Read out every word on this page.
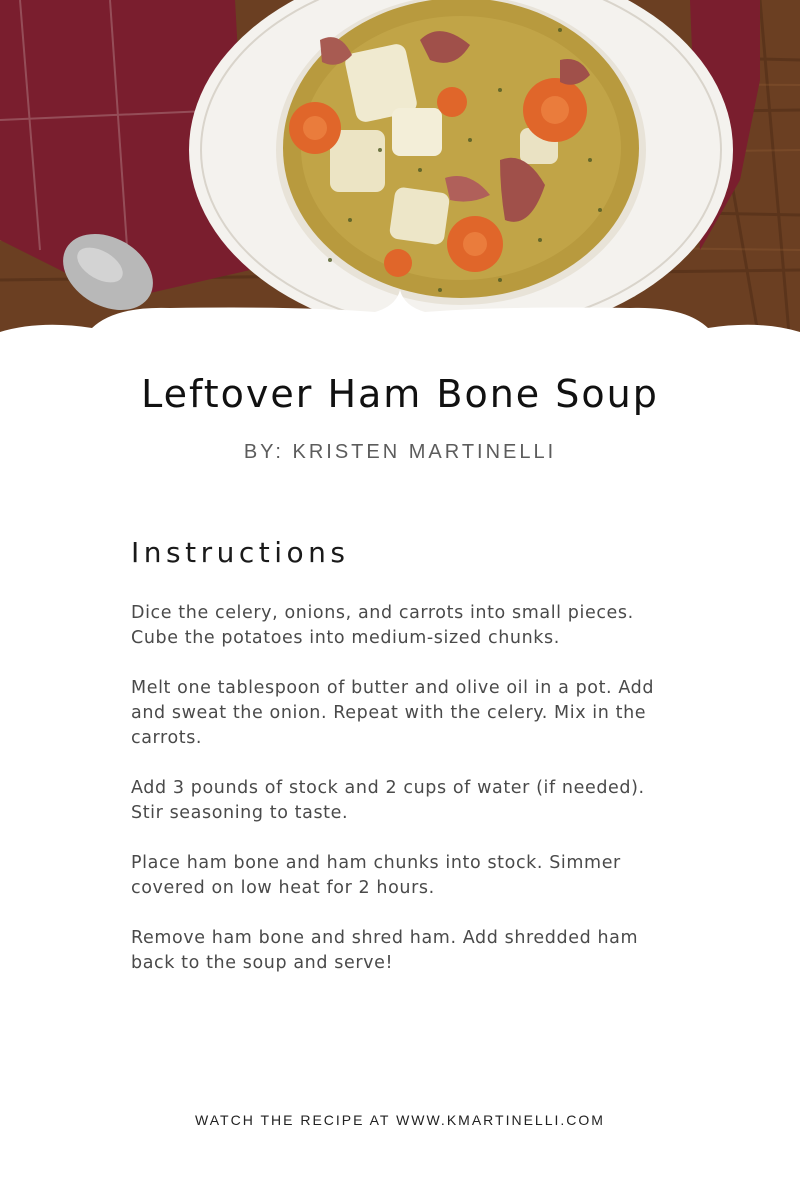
Leftover Ham Bone Soup

BY: KRISTEN MARTINELLI

Instructions
Dice the celery, onions, and carrots into small pieces. Cube the potatoes into medium-sized chunks.
Melt one tablespoon of butter and olive oil in a pot. Add and sweat the onion. Repeat with the celery. Mix in the carrots.
Add 3 pounds of stock and 2 cups of water (if needed). Stir seasoning to taste.
Place ham bone and ham chunks into stock. Simmer covered on low heat for 2 hours.
Remove ham bone and shred ham. Add shredded ham back to the soup and serve!

WATCH THE RECIPE AT WWW.KMARTINELLI.COM
